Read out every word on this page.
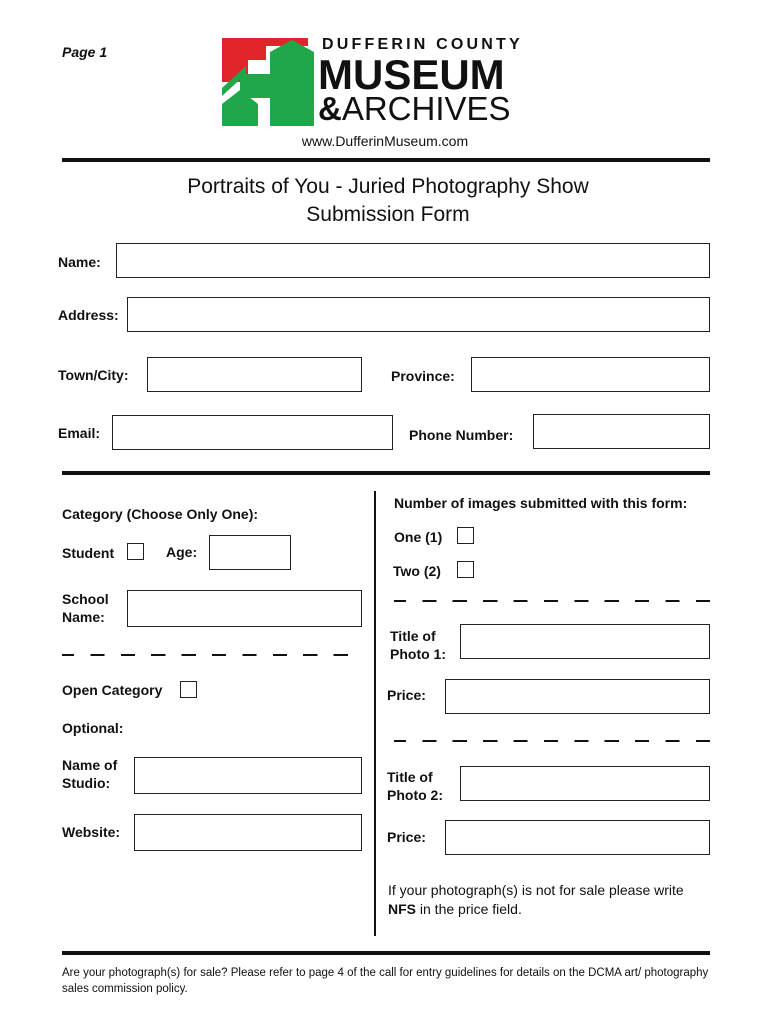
Page 1	DUFFERIN COUNTY
MUSEUM
&ARCHIVES
www.DufferinMuseum.com
Portraits of You - Juried Photography Show
Submission Form
Name:
Address:
Town/City:	Province:
Email:	Phone Number:
Category (Choose Only One):
Student	Age:
School
Name:
Open Category
Optional:
Name of
Studio:
Website:
Number of images submitted with this form:
One (1)
Two (2)
Title of
Photo 1:
Price:
Title of
Photo 2:
Price:
If your photograph(s) is not for sale please write
NFS in the price field.
Are your photograph(s) for sale? Please refer to page 4 of the call for entry guidelines for details on the DCMA art/ photography sales commission policy.
